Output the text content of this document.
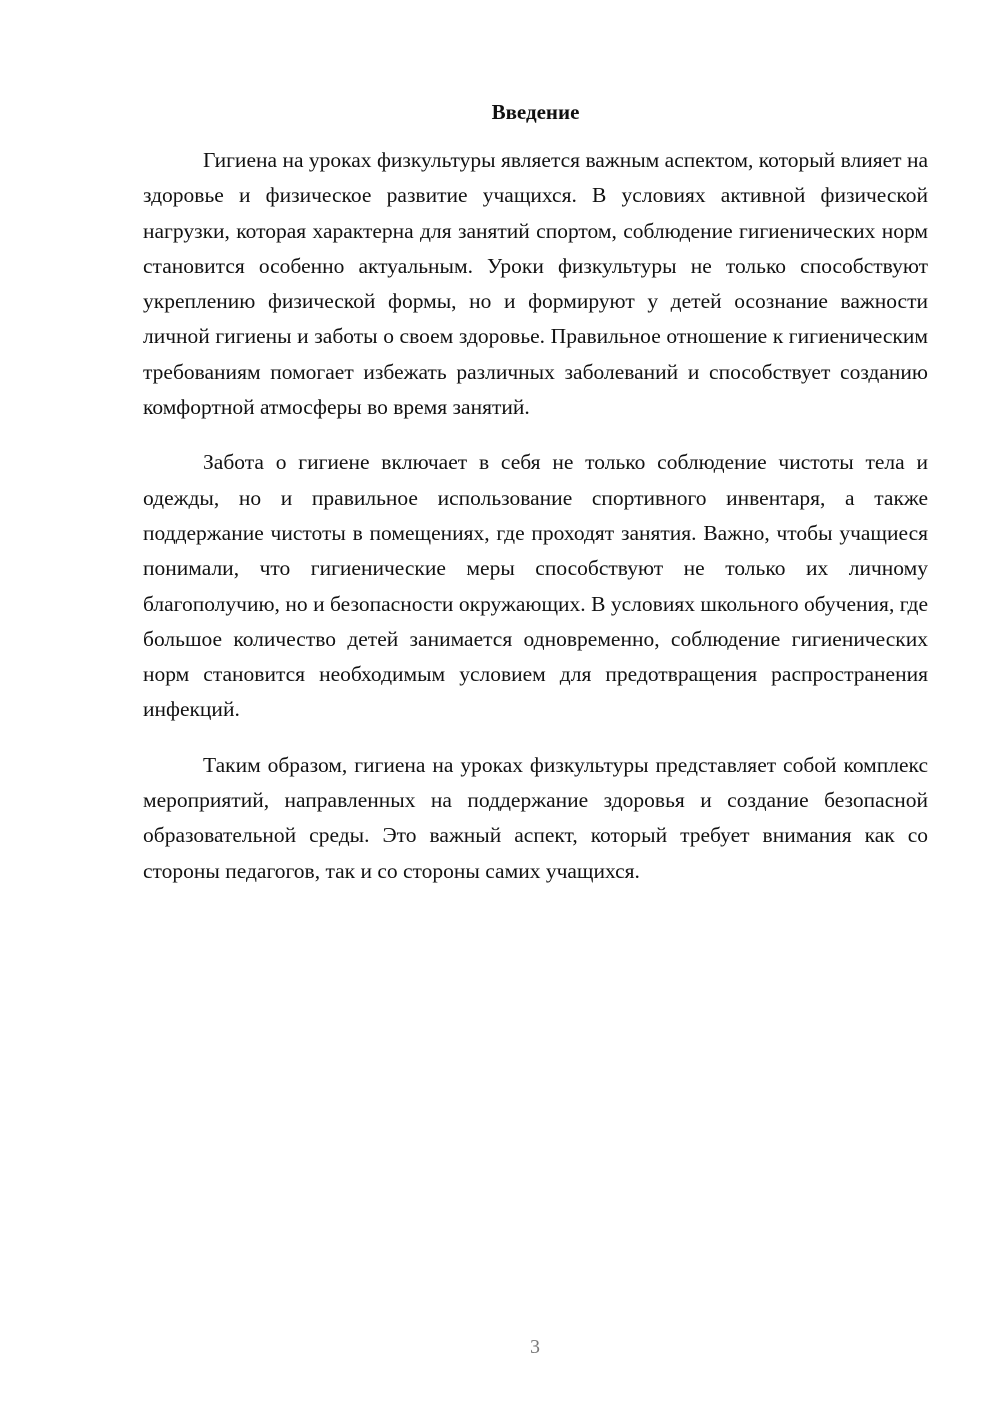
Введение

Гигиена на уроках физкультуры является важным аспектом, который влияет на здоровье и физическое развитие учащихся. В условиях активной физической нагрузки, которая характерна для занятий спортом, соблюдение гигиенических норм становится особенно актуальным. Уроки физкультуры не только способствуют укреплению физической формы, но и формируют у детей осознание важности личной гигиены и заботы о своем здоровье. Правильное отношение к гигиеническим требованиям помогает избежать различных заболеваний и способствует созданию комфортной атмосферы во время занятий.

Забота о гигиене включает в себя не только соблюдение чистоты тела и одежды, но и правильное использование спортивного инвентаря, а также поддержание чистоты в помещениях, где проходят занятия. Важно, чтобы учащиеся понимали, что гигиенические меры способствуют не только их личному благополучию, но и безопасности окружающих. В условиях школьного обучения, где большое количество детей занимается одновременно, соблюдение гигиенических норм становится необходимым условием для предотвращения распространения инфекций.

Таким образом, гигиена на уроках физкультуры представляет собой комплекс мероприятий, направленных на поддержание здоровья и создание безопасной образовательной среды. Это важный аспект, который требует внимания как со стороны педагогов, так и со стороны самих учащихся.

3
